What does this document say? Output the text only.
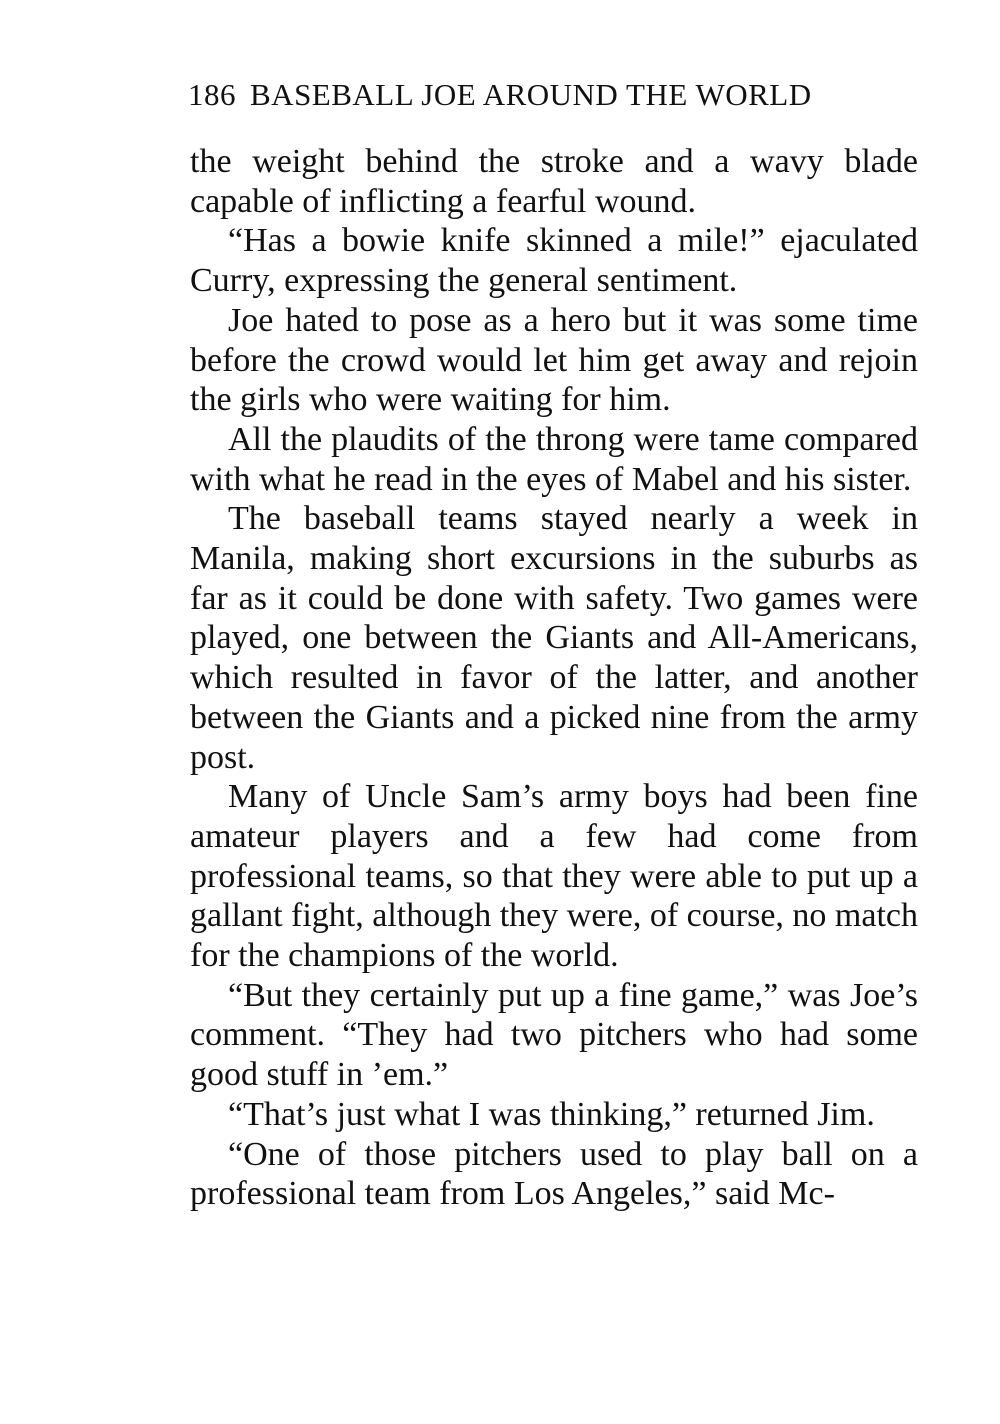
186 BASEBALL JOE AROUND THE WORLD

the weight behind the stroke and a wavy blade capable of inflicting a fearful wound.

“Has a bowie knife skinned a mile!” ejaculated Curry, expressing the general sentiment.

Joe hated to pose as a hero but it was some time before the crowd would let him get away and rejoin the girls who were waiting for him.

All the plaudits of the throng were tame compared with what he read in the eyes of Mabel and his sister.

The baseball teams stayed nearly a week in Manila, making short excursions in the suburbs as far as it could be done with safety. Two games were played, one between the Giants and All-Americans, which resulted in favor of the latter, and another between the Giants and a picked nine from the army post.

Many of Uncle Sam’s army boys had been fine amateur players and a few had come from professional teams, so that they were able to put up a gallant fight, although they were, of course, no match for the champions of the world.

“But they certainly put up a fine game,” was Joe’s comment. “They had two pitchers who had some good stuff in ’em.”

“That’s just what I was thinking,” returned Jim.

“One of those pitchers used to play ball on a professional team from Los Angeles,” said Mc-
